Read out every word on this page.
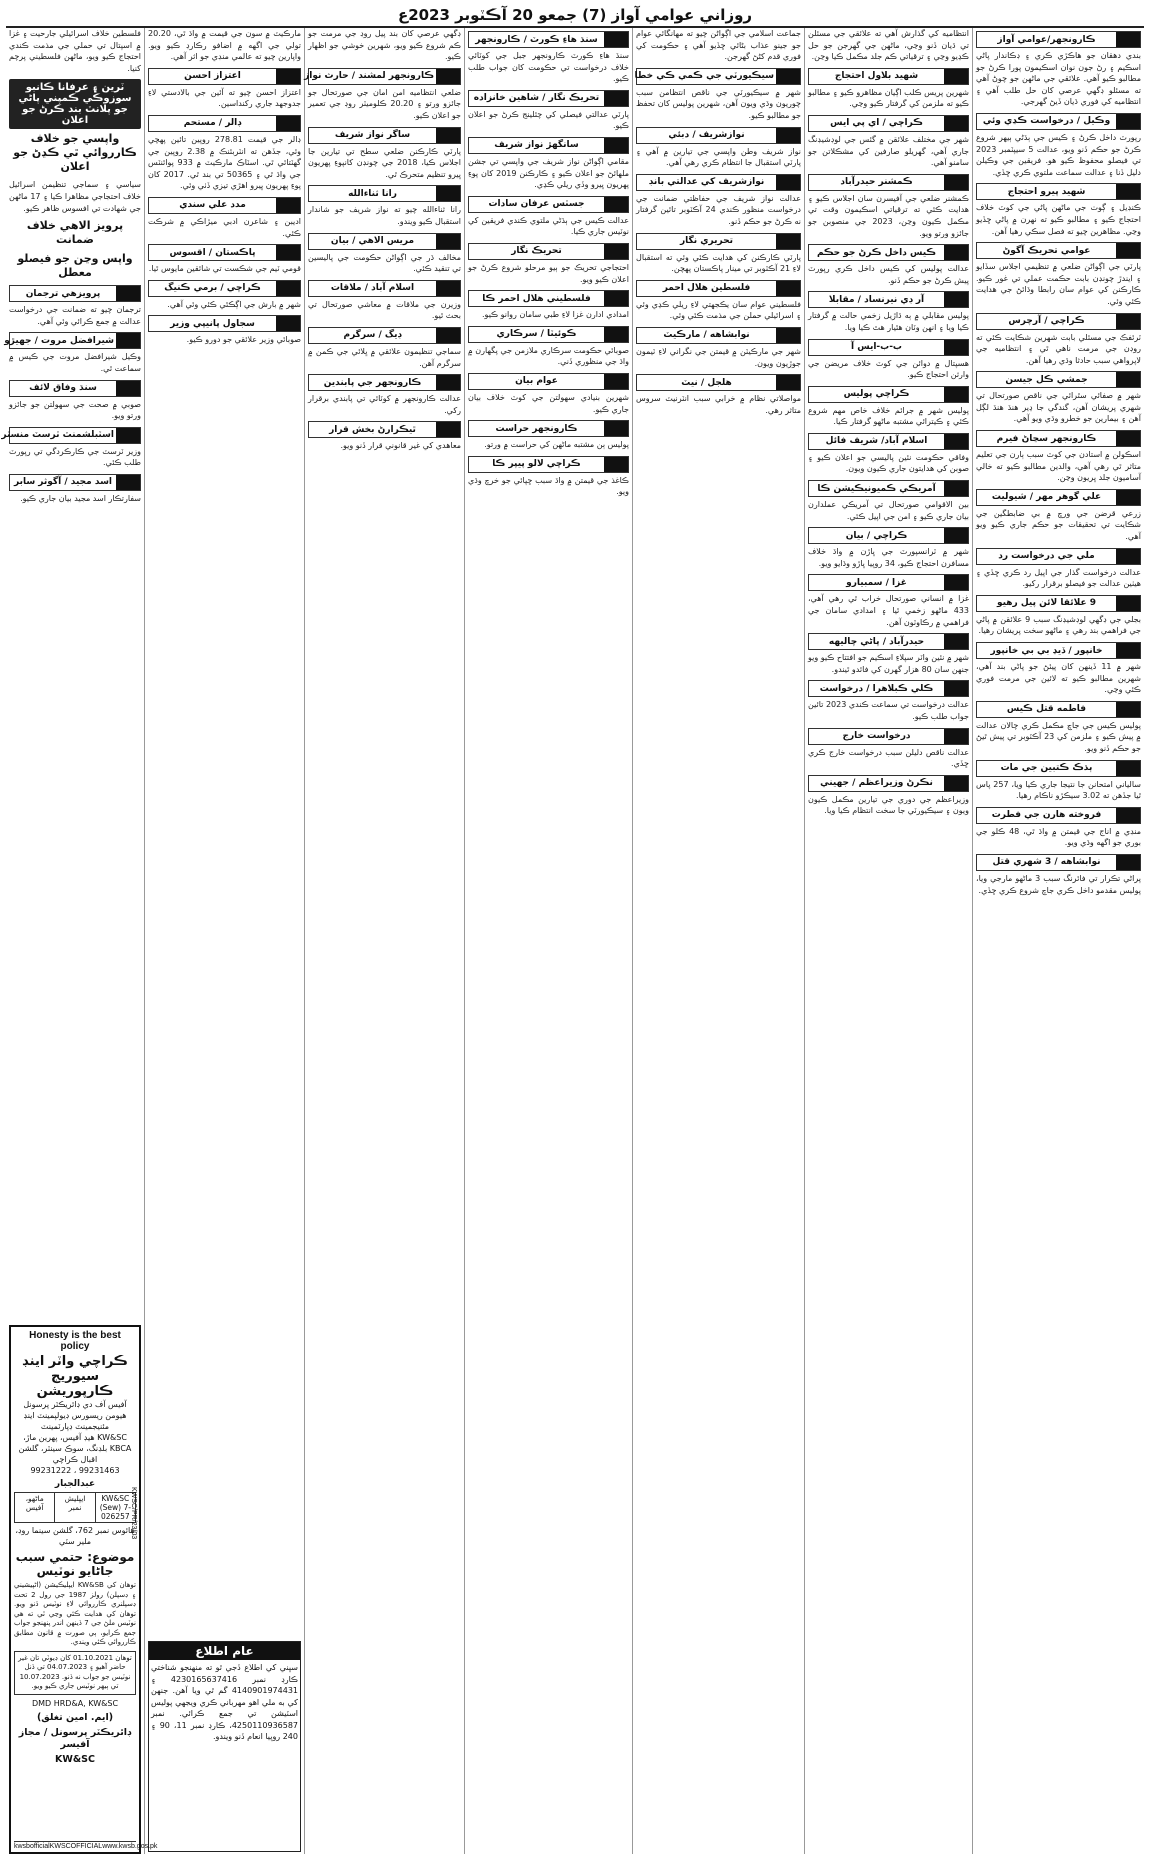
روزاني عوامي آواز (7) جمعو 20 آڪٽوبر 2023ع
ڪارونجهر/عوامي آواز
بندي دهقان جو هاڪڙي ڪري ۽ ڊڪاندار پاڻي اسڪيم ۽ رڻ جون نوان اسڪيمون پورا ڪرڻ جو مطالبو ڪيو آهي. علائقي جي ماڻهن جو چوڻ آهي ته مسئلو ڊگهي عرصي کان حل طلب آهي ۽ انتظاميه کي فوري ڌيان ڏيڻ گهرجي.
وڪيل / درخواست ڪڍي وئي
رپورٽ داخل ڪرڻ ۽ ڪيس جي ٻڌڻي ٻيهر شروع ڪرڻ جو حڪم ڏنو ويو، عدالت 5 سيپٽمبر 2023 تي فيصلو محفوظ ڪيو هو. فريقين جي وڪيلن دليل ڏنا ۽ عدالت سماعت ملتوي ڪري ڇڏي.
شهيد پيرو احتجاج
ڪنڊيل ۽ ڳوٺ جي ماڻهن پاڻي جي کوٽ خلاف احتجاج ڪيو ۽ مطالبو ڪيو ته نهرن ۾ پاڻي ڇڏيو وڃي. مظاهرين چيو ته فصل سڪي رهيا آهن.
عوامي تحريڪ آگوڻ
پارٽي جي اڳواڻن ضلعي ۾ تنظيمي اجلاس سڏايو ۽ ايندڙ چونڊن بابت حڪمت عملي تي غور ڪيو. ڪارڪنن کي عوام سان رابطا وڌائڻ جي هدايت ڪئي وئي.
ڪراچي / آرچرس
ٽرئفڪ جي مسئلي بابت شهرين شڪايت ڪئي ته روڊن جي مرمت ناهي ٿي ۽ انتظاميه جي لاپرواهي سبب حادثا وڌي رهيا آهن.
جمشي ڪل جيسن
شهر ۾ صفائي سٿرائي جي ناقص صورتحال تي شهري پريشان آهن، گندگي جا ڍير هنڌ هنڌ لڳل آهن ۽ بيمارين جو خطرو وڌي ويو آهي.
ڪارونجهر سڃاڻ فيرم
اسڪولن ۾ استادن جي کوٽ سبب ٻارن جي تعليم متاثر ٿي رهي آهي، والدين مطالبو ڪيو ته خالي آساميون جلد ڀريون وڃن.
علي گوهر مهر / شيوليت
زرعي قرضن جي ورڇ ۾ بي ضابطگين جي شڪايت تي تحقيقات جو حڪم جاري ڪيو ويو آهي.
ملي جي درخواست رد
عدالت درخواست گذار جي اپيل رد ڪري ڇڏي ۽ هيٺين عدالت جو فيصلو برقرار رکيو.
9 علائقا لائن پيل رهيو
بجلي جي ڊگهي لوڊشيڊنگ سبب 9 علائقن ۾ پاڻي جي فراهمي بند رهي ۽ ماڻهو سخت پريشان رهيا.
خانپور / ڏيڍ بي بي خانپور
شهر ۾ 11 ڏينهن کان پيئڻ جو پاڻي بند آهي، شهرين مطالبو ڪيو ته لائين جي مرمت فوري ڪئي وڃي.
فاطمه قتل ڪيس
پوليس ڪيس جي جاچ مڪمل ڪري چالان عدالت ۾ پيش ڪيو ۽ ملزمن کي 23 آڪٽوبر تي پيش ٿيڻ جو حڪم ڏنو ويو.
ٻڌڪ ڪتبين جي مات
سالياني امتحانن جا نتيجا جاري ڪيا ويا، 257 پاس ٿيا جڏهن ته 3.02 سيڪڙو ناڪام رهيا.
فروخته هارن جي فطرت
منڊي ۾ اناج جي قيمتن ۾ واڌ ٿي، 48 ڪلو جي بوري جو اگهه وڌي ويو.
نوابشاهه / 3 شهري قتل
پراڻي تڪرار تي فائرنگ سبب 3 ماڻهو مارجي ويا، پوليس مقدمو داخل ڪري جاچ شروع ڪري ڇڏي.
انتظاميه کي گذارش آهي ته علائقي جي مسئلن تي ڌيان ڏنو وڃي، ماڻهن جي گهرجن جو حل ڪڍيو وڃي ۽ ترقياتي ڪم جلد مڪمل ڪيا وڃن.
شهيد بلاول احتجاج
شهرين پريس ڪلب اڳيان مظاهرو ڪيو ۽ مطالبو ڪيو ته ملزمن کي گرفتار ڪيو وڃي.
ڪراچي / اي پي ايس
شهر جي مختلف علائقن ۾ گئس جي لوڊشيڊنگ جاري آهي، گهريلو صارفين کي مشڪلاتن جو سامنو آهي.
ڪمشنر حيدرآباد
ڪمشنر ضلعي جي آفيسرن سان اجلاس ڪيو ۽ هدايت ڪئي ته ترقياتي اسڪيمون وقت تي مڪمل ڪيون وڃن، 2023 جي منصوبن جو جائزو ورتو ويو.
ڪيس داخل ڪرڻ جو حڪم
عدالت پوليس کي ڪيس داخل ڪري رپورٽ پيش ڪرڻ جو حڪم ڏنو.
آر ڊي نيرنساد / مقابلا
پوليس مقابلي ۾ ٻه ڌاڙيل زخمي حالت ۾ گرفتار ڪيا ويا ۽ انهن وٽان هٿيار هٿ ڪيا ويا.
ب-ب-ايس آ
هسپتال ۾ دوائن جي کوٽ خلاف مريضن جي وارثن احتجاج ڪيو.
ڪراچي پوليس
پوليس شهر ۾ جرائم خلاف خاص مهم شروع ڪئي ۽ ڪيترائي مشتبه ماڻهو گرفتار ڪيا.
اسلام آباد/ شريف فائل
وفاقي حڪومت نئين پاليسي جو اعلان ڪيو ۽ صوبن کي هدايتون جاري ڪيون ويون.
آمريڪي ڪميونيڪيشن ڪا
بين الاقوامي صورتحال تي آمريڪي عملدارن بيان جاري ڪيو ۽ امن جي اپيل ڪئي.
ڪراچي / بيان
شهر ۾ ٽرانسپورٽ جي ڀاڙن ۾ واڌ خلاف مسافرن احتجاج ڪيو، 34 روپيا ڀاڙو وڌايو ويو.
غزا / سمبيارو
غزا ۾ انساني صورتحال خراب ٿي رهي آهي، 433 ماڻهو زخمي ٿيا ۽ امدادي سامان جي فراهمي ۾ رڪاوٽون آهن.
حيدرآباد / پاڻي چاليهه
شهر ۾ نئين واٽر سپلاءِ اسڪيم جو افتتاح ڪيو ويو جنهن سان 80 هزار گهرن کي فائدو ٿيندو.
ڪلي ڪبلاهرا / درخواست
عدالت درخواست تي سماعت ڪندي 2023 تائين جواب طلب ڪيو.
درخواست خارج
عدالت ناقص دليلن سبب درخواست خارج ڪري ڇڏي.
نڪرڻ وزيراعظم / جهيني
وزيراعظم جي دوري جي تيارين مڪمل ڪيون ويون ۽ سيڪيورٽي جا سخت انتظام ڪيا ويا.
جماعت اسلامي جي اڳواڻن چيو ته مهانگائي عوام جو جينو عذاب بڻائي ڇڏيو آهي ۽ حڪومت کي فوري قدم کڻڻ گهرجن.
سيڪيورٽي جي ڪمي ڪي خطا
شهر ۾ سيڪيورٽي جي ناقص انتظامن سبب چوريون وڌي ويون آهن، شهرين پوليس کان تحفظ جو مطالبو ڪيو.
نوازشريف / دبئي
نواز شريف وطن واپسي جي تيارين ۾ آهي ۽ پارٽي استقبال جا انتظام ڪري رهي آهي.
نوازشريف کي عدالتي بانڊ
عدالت نواز شريف جي حفاظتي ضمانت جي درخواست منظور ڪندي 24 آڪٽوبر تائين گرفتار نه ڪرڻ جو حڪم ڏنو.
تحريري نگار
پارٽي ڪارڪنن کي هدايت ڪئي وئي ته استقبال لاءِ 21 آڪٽوبر تي مينار پاڪستان پهچن.
فلسطين هلال احمر
فلسطيني عوام سان يڪجهتي لاءِ ريلي ڪڍي وئي ۽ اسرائيلي حملن جي مذمت ڪئي وئي.
نوابشاهه / مارڪيٽ
شهر جي مارڪيٽن ۾ قيمتن جي نگراني لاءِ ٽيمون جوڙيون ويون.
هلجل / نيٽ
مواصلاتي نظام ۾ خرابي سبب انٽرنيٽ سروس متاثر رهي.
سنڌ هاءِ ڪورٽ / ڪارونجهر
سنڌ هاءِ ڪورٽ ڪارونجهر جبل جي کوٽائي خلاف درخواست تي حڪومت کان جواب طلب ڪيو.
تحريڪ نگار / شاهين خانزاده
پارٽي عدالتي فيصلي کي چئلينج ڪرڻ جو اعلان ڪيو.
سانگھڙ نواز شريف
مقامي اڳواڻن نواز شريف جي واپسي تي جشن ملهائڻ جو اعلان ڪيو ۽ ڪارڪنن 2019 کان پوءِ پهريون ڀيرو وڏي ريلي ڪڍي.
جسٽس عرفان سادات
عدالت ڪيس جي ٻڌڻي ملتوي ڪندي فريقين کي نوٽيس جاري ڪيا.
تحريڪ نگار
احتجاجي تحريڪ جو ٻيو مرحلو شروع ڪرڻ جو اعلان ڪيو ويو.
فلسطيني هلال احمر ڪا
امدادي ادارن غزا لاءِ طبي سامان روانو ڪيو.
ڪوئيٽا / سرڪاري
صوبائي حڪومت سرڪاري ملازمن جي پگهارن ۾ واڌ جي منظوري ڏني.
عوام بيان
شهرين بنيادي سهولتن جي کوٽ خلاف بيان جاري ڪيو.
ڪارونجهر حراست
پوليس ٻن مشتبه ماڻهن کي حراست ۾ ورتو.
ڪراچي لالو پيپر ڪا
ڪاغذ جي قيمتن ۾ واڌ سبب ڇپائي جو خرچ وڌي ويو.
ڊگهي عرصي کان بند پيل روڊ جي مرمت جو ڪم شروع ڪيو ويو، شهرين خوشي جو اظهار ڪيو.
ڪارونجهر لمشند / حارث نواز
ضلعي انتظاميه امن امان جي صورتحال جو جائزو ورتو ۽ 20.20 ڪلوميٽر روڊ جي تعمير جو اعلان ڪيو.
ساگر نواز شريف
پارٽي ڪارڪنن ضلعي سطح تي تيارين جا اجلاس ڪيا، 2018 جي چونڊن کانپوءِ پهريون ڀيرو تنظيم متحرڪ ٿي.
رانا ثناءالله
رانا ثناءالله چيو ته نواز شريف جو شاندار استقبال ڪيو ويندو.
مريس الاهي / بيان
مخالف ڌر جي اڳواڻن حڪومت جي پاليسين تي تنقيد ڪئي.
اسلام آباد / ملاقات
وزيرن جي ملاقات ۾ معاشي صورتحال تي بحث ٿيو.
ڊيگ / سرگرم
سماجي تنظيمون علائقي ۾ ڀلائي جي ڪمن ۾ سرگرم آهن.
ڪارونجهر جي پابندين
عدالت ڪارونجهر ۾ کوٽائي تي پابندي برقرار رکي.
ٿيڪرارڻ بخش قرار
معاهدي کي غير قانوني قرار ڏنو ويو.
مارڪيٽ ۾ سون جي قيمت ۾ واڌ ٿي، 20.20 تولي جي اگهه ۾ اضافو رڪارڊ ڪيو ويو. واپارين چيو ته عالمي منڊي جو اثر آهي.
اعتزاز احسن
اعتزاز احسن چيو ته آئين جي بالادستي لاءِ جدوجهد جاري رکنداسين.
ڊالر / مستحم
ڊالر جي قيمت 278.81 روپين تائين پهچي وئي، جڏهن ته انٽربئنڪ ۾ 2.38 روپين جي گهٽتائي ٿي. اسٽاڪ مارڪيٽ ۾ 933 پوائنٽس جي واڌ ٿي ۽ 50365 تي بند ٿي. 2017 کان پوءِ پهريون ڀيرو اهڙي تيزي ڏٺي وئي.
مدد علي سندي
اديبن ۽ شاعرن ادبي ميڙاڪي ۾ شرڪت ڪئي.
پاڪستان / اقسوس
قومي ٽيم جي شڪست تي شائقين مايوس ٿيا.
ڪراچي / برمي ڪنيگ
شهر ۾ بارش جي اڳڪٿي ڪئي وئي آهي.
سجاول پانيپي وزير
صوبائي وزير علائقي جو دورو ڪيو.
عام اطلاع
سڀني کي اطلاع ڏجي ٿو ته منهنجو شناختي ڪارڊ نمبر 4230165637416 ۽ 4140901974431 گم ٿي ويا آهن. جنهن کي به ملي اهو مهرباني ڪري ويجهي پوليس اسٽيشن تي جمع ڪرائي. نمبر 4250110936587، ڪارڊ نمبر 11، 90 ۽ 240 روپيا انعام ڏنو ويندو.
فلسطين خلاف اسرائيلي جارحيت ۽ غزا ۾ اسپتال تي حملي جي مذمت ڪندي احتجاج ڪيو ويو، ماڻهن فلسطيني پرچم کنيا.
ٽرين ۽ عرفانا ڪانبو سوزوڪي ڪمپني پاڻي جو پلانٽ بند ڪرڻ جو اعلان
واپسي جو خلاف ڪارروائي ٿي ڪڍڻ جو اعلان
سياسي ۽ سماجي تنظيمن اسرائيل خلاف احتجاجي مظاهرا ڪيا ۽ 17 ماڻهن جي شهادت تي افسوس ظاهر ڪيو.
پرويز الاهي خلاف ضمانت
واپس وڃن جو فيصلو معطل
پرويزهي ترجمان
ترجمان چيو ته ضمانت جي درخواست عدالت ۾ جمع ڪرائي وئي آهي.
شيرافضل مروت / جهيڙو
وڪيل شيرافضل مروت جي ڪيس ۾ سماعت ٿي.
سنڌ وفاق لائف
صوبي ۾ صحت جي سهولتن جو جائزو ورتو ويو.
اسٽبلشمنٽ ٽرسٽ منسٽر
وزير ٽرسٽ جي ڪارڪردگي تي رپورٽ طلب ڪئي.
اسد مجيد / آگوثر سابر
سفارتڪار اسد مجيد بيان جاري ڪيو.
Honesty is the best policy
ڪراچي واٽر اينڊ سيوريج ڪارپوريشن
آفيس آف دي ڊائريڪٽر پرسونل
هيومن ريسورس ڊيولپمينٽ اينڊ مئنيجمينٽ ڊپارٽمينٽ
KW&SC هيڊ آفيس، پهرين ماڙ، KBCA بلڊنگ، سوڪ سينٽر، گلشن اقبال ڪراچي
99231463 ، 99231222
عبدالجبار
KW&SC (Sew) 7-026257
ايپليش نمبر
ماڻهو، آفيس
هائوس نمبر 762، گلشن سينما روڊ، ملير سٽي
موضوع: حتمي سبب جاڻايو نوٽيس
توهان کي KW&SB ايپليڪيشن (اڻپيشيني ۽ ڊسپلن) رولز 1987 جي رول 2 تحت ڊسپلنري ڪارروائي لاءِ نوٽيس ڏنو ويو. توهان کي هدايت ڪئي وڃي ٿي ته هي نوٽيس ملڻ جي 7 ڏينهن اندر پنهنجو جواب جمع ڪرايو، ٻي صورت ۾ قانون مطابق ڪارروائي ڪئي ويندي.
توهان 01.10.2021 کان ڊيوٽي تان غير حاضر آهيو ۽ 04.07.2023 تي ڏنل نوٽيس جو جواب نه ڏنو. 10.07.2023 تي ٻيهر نوٽيس جاري ڪيو ويو.
DMD HRD&A, KW&SC
(ايم. امين تغلق)
ڊائريڪٽر پرسونل / مجاز آفيسر
KW&SC
KWSC/PR/23/03
kwsbofficial KWSCOFFICIAL www.kwsb.gos.pk
